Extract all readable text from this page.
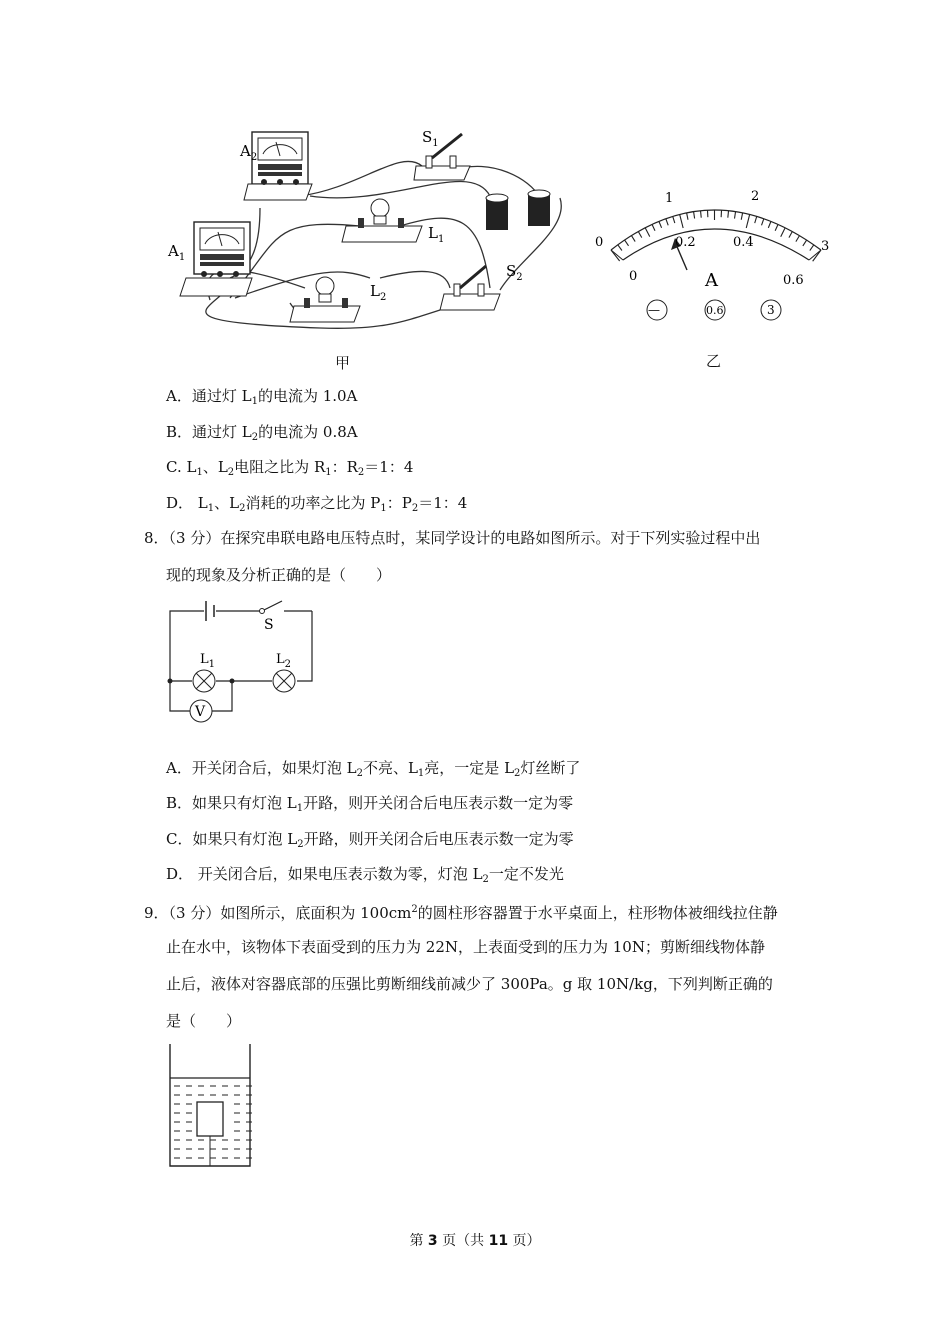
$A_2$
$A_1$
$S_1$
$L_1$
$L_2$
$S_2$
甲
0
1	2
3
0
0.2	0.4
0.6
A
—	0.6	3
乙
A．通过灯 $L_1$的电流为 1.0A
B．通过灯 $L_2$的电流为 0.8A
C. $L_1$、$L_2$电阻之比为 $R_1$：$R_2=1$：4
D． $L_1$、$L_2$消耗的功率之比为 $P_1$：$P_2=1$：4
8．（3 分）在探究串联电路电压特点时，某同学设计的电路如图所示。对于下列实验过程中出
现的现象及分析正确的是（　　）
S
$L_1$	$L_2$
V
A．开关闭合后，如果灯泡 $L_2$不亮、$L_1$亮，一定是 $L_2$灯丝断了
B．如果只有灯泡 $L_1$开路，则开关闭合后电压表示数一定为零
C．如果只有灯泡 $L_2$开路，则开关闭合后电压表示数一定为零
D． 开关闭合后，如果电压表示数为零，灯泡 $L_2$一定不发光
9．（3 分）如图所示，底面积为 $100cm^2$的圆柱形容器置于水平桌面上，柱形物体被细线拉住静
止在水中，该物体下表面受到的压力为 22N，上表面受到的压力为 10N；剪断细线物体静
止后，液体对容器底部的压强比剪断细线前减少了 300Pa。g 取 10N/kg，下列判断正确的
是（　　）
第 3 页（共 11 页）
